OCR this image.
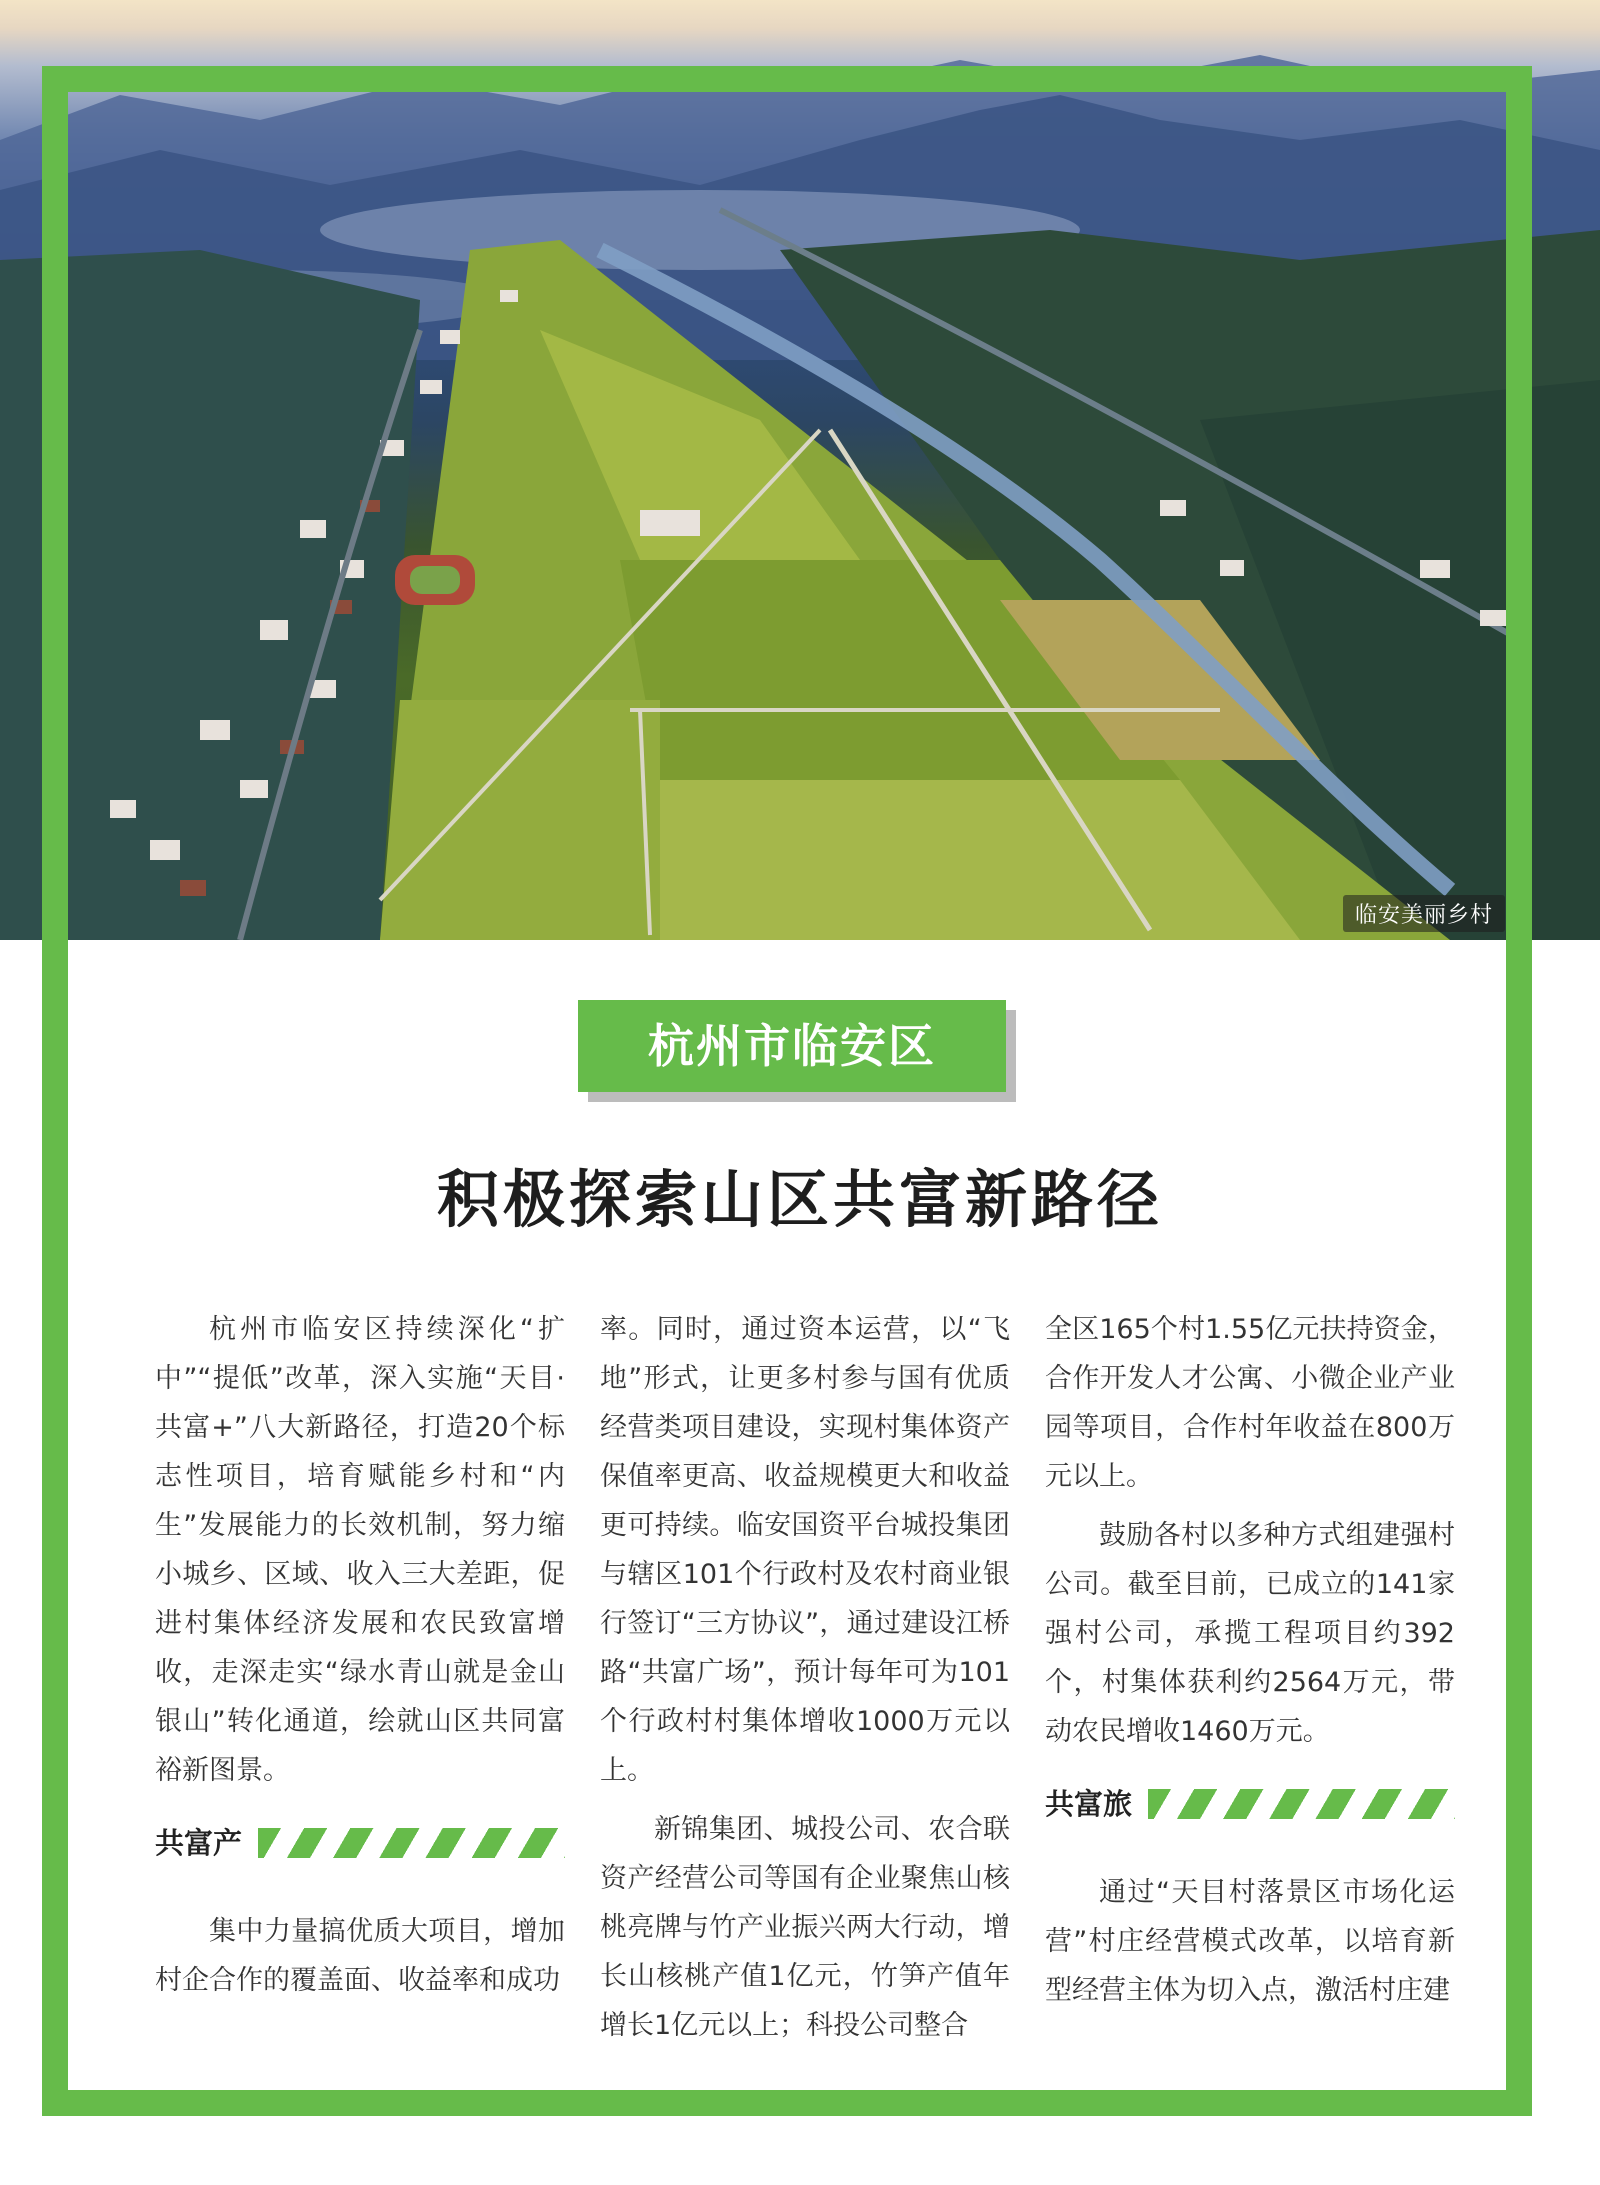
临安美丽乡村
杭州市临安区
积极探索山区共富新路径

杭州市临安区持续深化“扩中”“提低”改革，深入实施“天目·共富+”八大新路径，打造20个标志性项目，培育赋能乡村和“内生”发展能力的长效机制，努力缩小城乡、区域、收入三大差距，促进村集体经济发展和农民致富增收，走深走实“绿水青山就是金山银山”转化通道，绘就山区共同富裕新图景。

共富产

集中力量搞优质大项目，增加村企合作的覆盖面、收益率和成功

率。同时，通过资本运营，以“飞地”形式，让更多村参与国有优质经营类项目建设，实现村集体资产保值率更高、收益规模更大和收益更可持续。临安国资平台城投集团与辖区101个行政村及农村商业银行签订“三方协议”，通过建设江桥路“共富广场”，预计每年可为101个行政村村集体增收1000万元以上。

新锦集团、城投公司、农合联资产经营公司等国有企业聚焦山核桃亮牌与竹产业振兴两大行动，增长山核桃产值1亿元，竹笋产值年增长1亿元以上；科投公司整合

全区165个村1.55亿元扶持资金，合作开发人才公寓、小微企业产业园等项目，合作村年收益在800万元以上。

鼓励各村以多种方式组建强村公司。截至目前，已成立的141家强村公司，承揽工程项目约392个，村集体获利约2564万元，带动农民增收1460万元。

共富旅

通过“天目村落景区市场化运营”村庄经营模式改革，以培育新型经营主体为切入点，激活村庄建
